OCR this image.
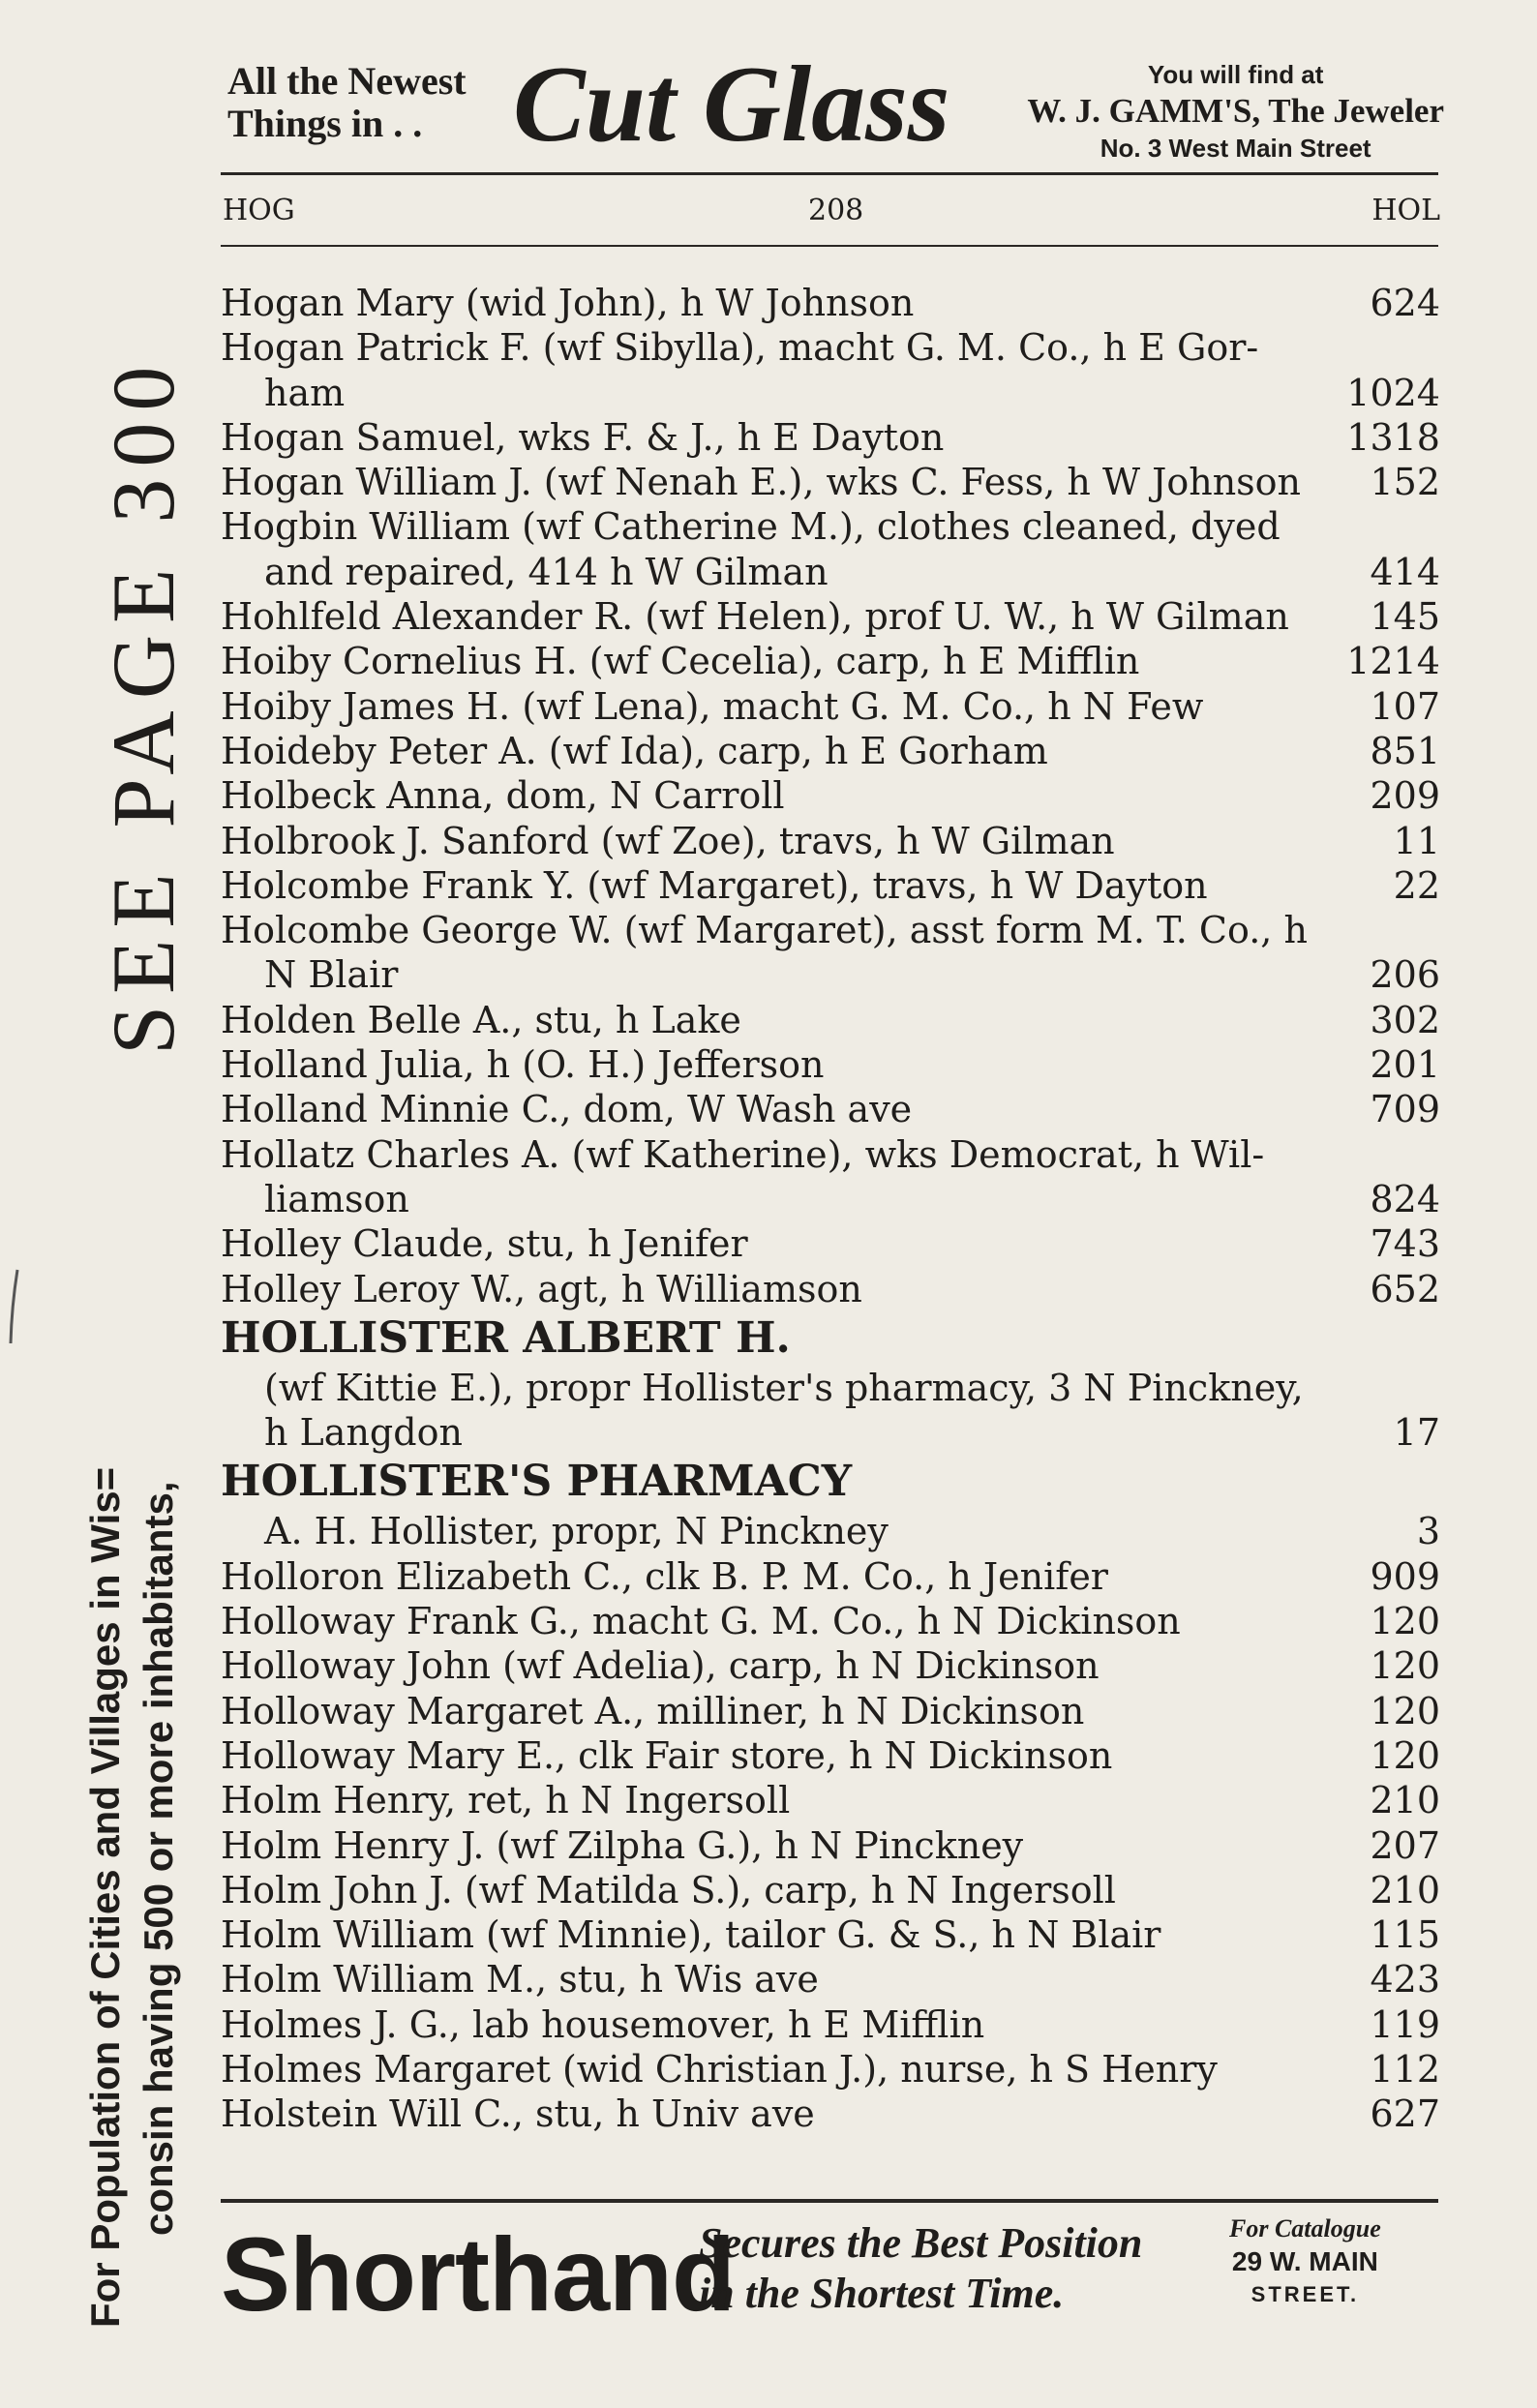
SEE PAGE 300
For Population of Cities and Villages in Wis= consin having 500 or more inhabitants,
All the Newest
Things in . . Cut Glass	You will find at
W. J. GAMM'S, The Jeweler
No. 3 West Main Street
HOG	208	HOL
Hogan Mary (wid John), h W Johnson	624
Hogan Patrick F. (wf Sibylla), macht G. M. Co., h E Gor-
ham	1024
Hogan Samuel, wks F. & J., h E Dayton	1318
Hogan William J. (wf Nenah E.), wks C. Fess, h W Johnson	152
Hogbin William (wf Catherine M.), clothes cleaned, dyed
and repaired, 414 h W Gilman	414
Hohlfeld Alexander R. (wf Helen), prof U. W., h W Gilman	145
Hoiby Cornelius H. (wf Cecelia), carp, h E Mifflin	1214
Hoiby James H. (wf Lena), macht G. M. Co., h N Few	107
Hoideby Peter A. (wf Ida), carp, h E Gorham	851
Holbeck Anna, dom, N Carroll	209
Holbrook J. Sanford (wf Zoe), travs, h W Gilman	11
Holcombe Frank Y. (wf Margaret), travs, h W Dayton	22
Holcombe George W. (wf Margaret), asst form M. T. Co., h
N Blair	206
Holden Belle A., stu, h Lake	302
Holland Julia, h (O. H.) Jefferson	201
Holland Minnie C., dom, W Wash ave	709
Hollatz Charles A. (wf Katherine), wks Democrat, h Wil-
liamson	824
Holley Claude, stu, h Jenifer	743
Holley Leroy W., agt, h Williamson	652
HOLLISTER ALBERT H.
(wf Kittie E.), propr Hollister's pharmacy, 3 N Pinckney,
h Langdon	17
HOLLISTER'S PHARMACY
A. H. Hollister, propr, N Pinckney	3
Holloron Elizabeth C., clk B. P. M. Co., h Jenifer	909
Holloway Frank G., macht G. M. Co., h N Dickinson	120
Holloway John (wf Adelia), carp, h N Dickinson	120
Holloway Margaret A., milliner, h N Dickinson	120
Holloway Mary E., clk Fair store, h N Dickinson	120
Holm Henry, ret, h N Ingersoll	210
Holm Henry J. (wf Zilpha G.), h N Pinckney	207
Holm John J. (wf Matilda S.), carp, h N Ingersoll	210
Holm William (wf Minnie), tailor G. & S., h N Blair	115
Holm William M., stu, h Wis ave	423
Holmes J. G., lab housemover, h E Mifflin	119
Holmes Margaret (wid Christian J.), nurse, h S Henry	112
Holstein Will C., stu, h Univ ave	627
Shorthand
Secures the Best Position
in the Shortest Time.
For Catalogue
29 W. MAIN
STREET.
